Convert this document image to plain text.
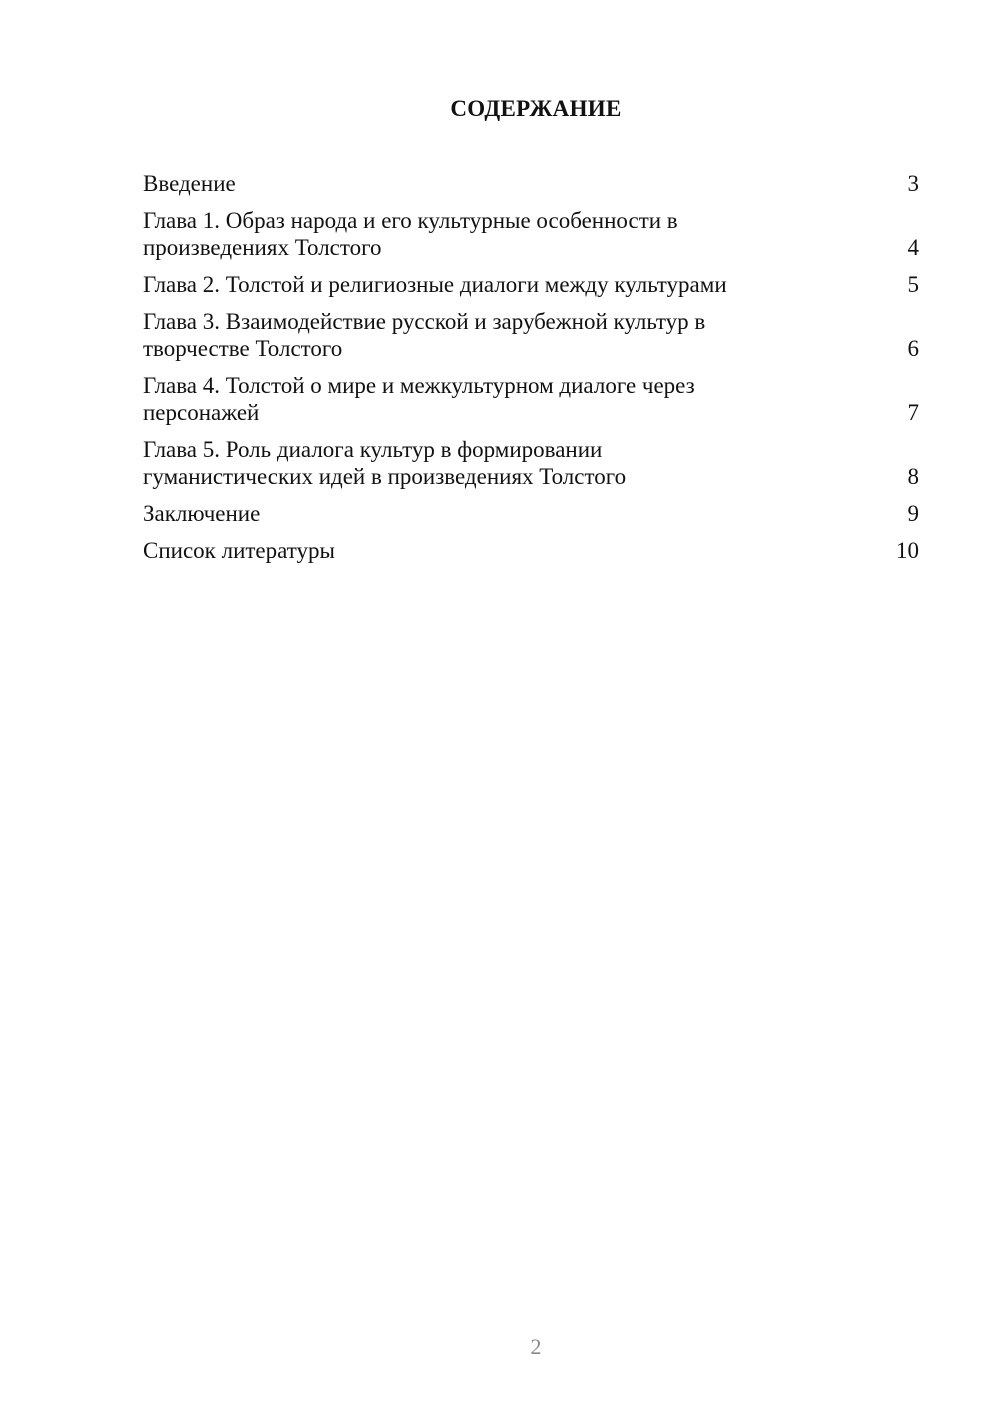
СОДЕРЖАНИЕ
Введение	3
Глава 1. Образ народа и его культурные особенности в произведениях Толстого	4
Глава 2. Толстой и религиозные диалоги между культурами	5
Глава 3. Взаимодействие русской и зарубежной культур в творчестве Толстого	6
Глава 4. Толстой о мире и межкультурном диалоге через персонажей	7
Глава 5. Роль диалога культур в формировании гуманистических идей в произведениях Толстого	8
Заключение	9
Список литературы	10
2
